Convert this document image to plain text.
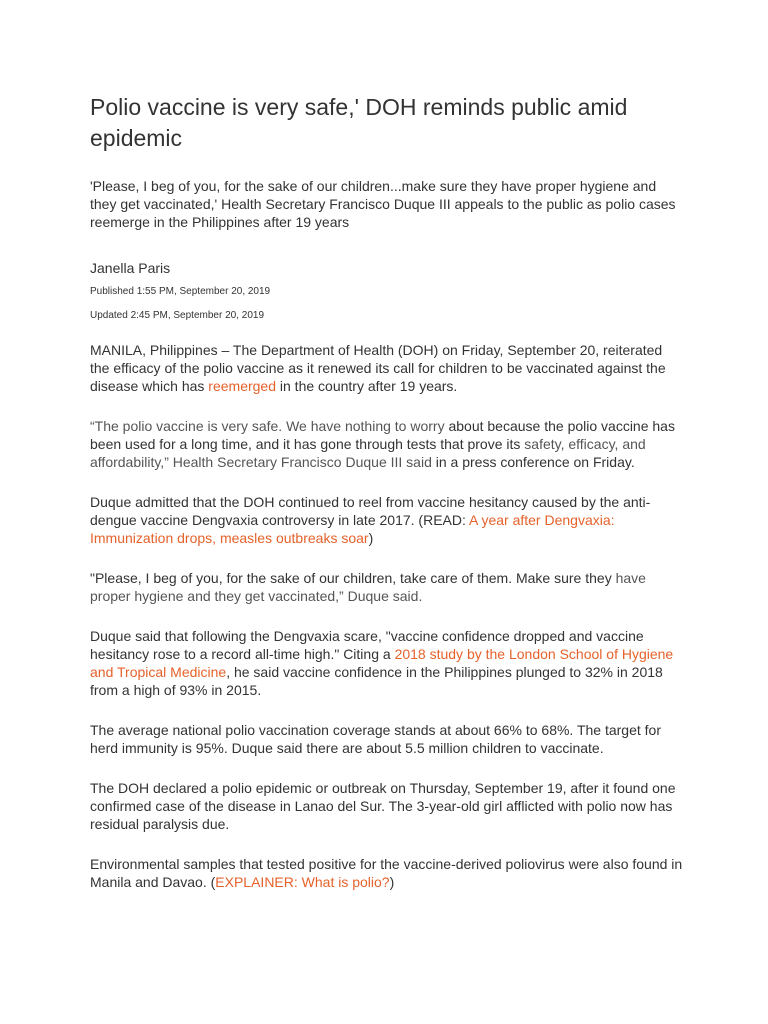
Polio vaccine is very safe,' DOH reminds public amid epidemic

'Please, I beg of you, for the sake of our children...make sure they have proper hygiene and they get vaccinated,' Health Secretary Francisco Duque III appeals to the public as polio cases reemerge in the Philippines after 19 years

Janella Paris

Published 1:55 PM, September 20, 2019

Updated 2:45 PM, September 20, 2019

MANILA, Philippines – The Department of Health (DOH) on Friday, September 20, reiterated the efficacy of the polio vaccine as it renewed its call for children to be vaccinated against the disease which has reemerged in the country after 19 years.

“The polio vaccine is very safe. We have nothing to worry about because the polio vaccine has been used for a long time, and it has gone through tests that prove its safety, efficacy, and affordability,” Health Secretary Francisco Duque III said in a press conference on Friday.

Duque admitted that the DOH continued to reel from vaccine hesitancy caused by the anti-dengue vaccine Dengvaxia controversy in late 2017. (READ: A year after Dengvaxia: Immunization drops, measles outbreaks soar)

"Please, I beg of you, for the sake of our children, take care of them. Make sure they have proper hygiene and they get vaccinated,” Duque said.

Duque said that following the Dengvaxia scare, "vaccine confidence dropped and vaccine hesitancy rose to a record all-time high." Citing a 2018 study by the London School of Hygiene and Tropical Medicine, he said vaccine confidence in the Philippines plunged to 32% in 2018 from a high of 93% in 2015.

The average national polio vaccination coverage stands at about 66% to 68%. The target for herd immunity is 95%. Duque said there are about 5.5 million children to vaccinate.

The DOH declared a polio epidemic or outbreak on Thursday, September 19, after it found one confirmed case of the disease in Lanao del Sur. The 3-year-old girl afflicted with polio now has residual paralysis due.

Environmental samples that tested positive for the vaccine-derived poliovirus were also found in Manila and Davao. (EXPLAINER: What is polio?)
